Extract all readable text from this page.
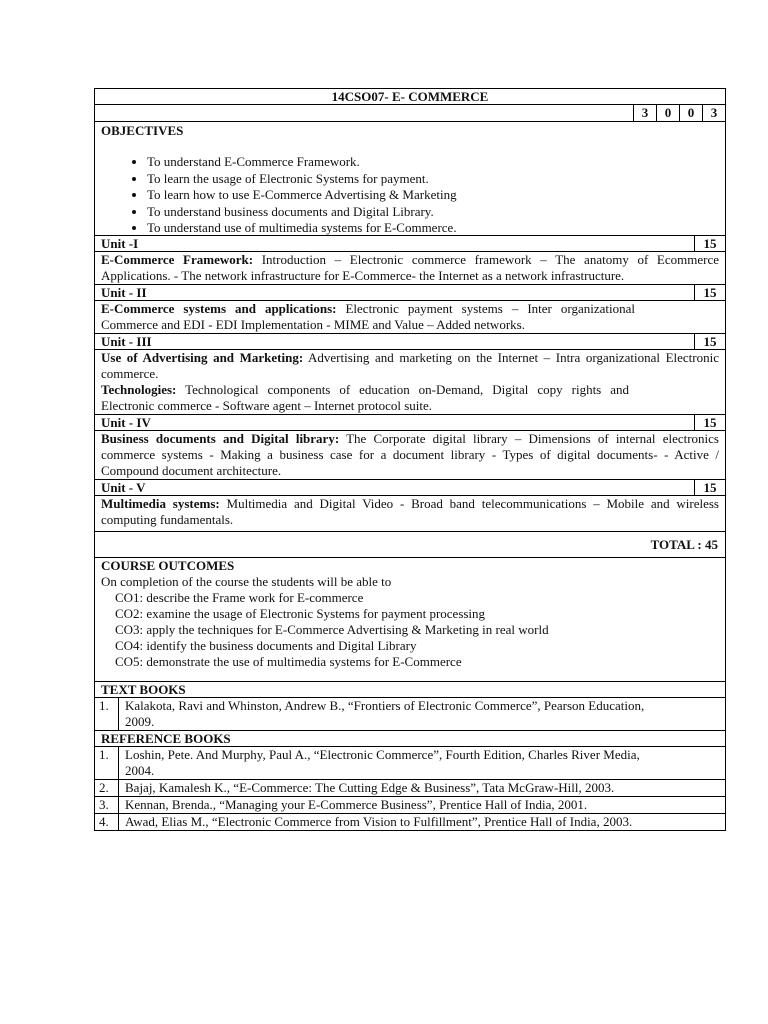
14CSO07- E- COMMERCE
3	0	0	3
OBJECTIVES
• To understand E-Commerce Framework.
• To learn the usage of Electronic Systems for payment.
• To learn how to use E-Commerce Advertising & Marketing
• To understand business documents and Digital Library.
• To understand use of multimedia systems for E-Commerce.
Unit -I	15
E-Commerce Framework: Introduction – Electronic commerce framework – The anatomy of Ecommerce Applications. - The network infrastructure for E-Commerce- the Internet as a network infrastructure.
Unit - II	15
E-Commerce systems and applications: Electronic payment systems – Inter organizational Commerce and EDI - EDI Implementation - MIME and Value – Added networks.
Unit - III	15
Use of Advertising and Marketing: Advertising and marketing on the Internet – Intra organizational Electronic commerce.
Technologies: Technological components of education on-Demand, Digital copy rights and Electronic commerce - Software agent – Internet protocol suite.
Unit - IV	15
Business documents and Digital library: The Corporate digital library – Dimensions of internal electronics commerce systems - Making a business case for a document library - Types of digital documents- - Active / Compound document architecture.
Unit - V	15
Multimedia systems: Multimedia and Digital Video - Broad band telecommunications – Mobile and wireless computing fundamentals.
TOTAL : 45
COURSE OUTCOMES
On completion of the course the students will be able to
CO1: describe the Frame work for E-commerce
CO2: examine the usage of Electronic Systems for payment processing
CO3: apply the techniques for E-Commerce Advertising & Marketing in real world
CO4: identify the business documents and Digital Library
CO5: demonstrate the use of multimedia systems for E-Commerce
TEXT BOOKS
1.	Kalakota, Ravi and Whinston, Andrew B., “Frontiers of Electronic Commerce”, Pearson Education, 2009.
REFERENCE BOOKS
1.	Loshin, Pete. And Murphy, Paul A., “Electronic Commerce”, Fourth Edition, Charles River Media, 2004.
2.	Bajaj, Kamalesh K., “E-Commerce: The Cutting Edge & Business”, Tata McGraw-Hill, 2003.
3.	Kennan, Brenda., “Managing your E-Commerce Business”, Prentice Hall of India, 2001.
4.	Awad, Elias M., “Electronic Commerce from Vision to Fulfillment”, Prentice Hall of India, 2003.
